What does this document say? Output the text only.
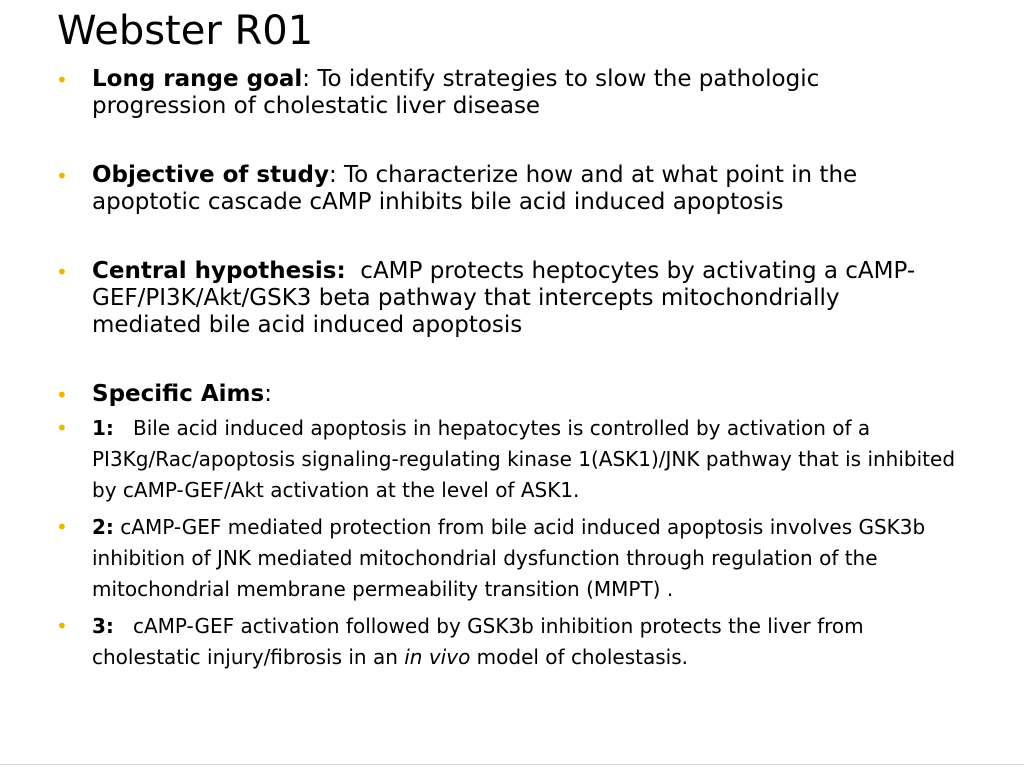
Webster R01
• Long range goal: To identify strategies to slow the pathologic progression of cholestatic liver disease
• Objective of study: To characterize how and at what point in the apoptotic cascade cAMP inhibits bile acid induced apoptosis
• Central hypothesis: cAMP protects heptocytes by activating a cAMP-GEF/PI3K/Akt/GSK3 beta pathway that intercepts mitochondrially mediated bile acid induced apoptosis
• Specific Aims:
• 1: Bile acid induced apoptosis in hepatocytes is controlled by activation of a PI3Kg/Rac/apoptosis signaling-regulating kinase 1(ASK1)/JNK pathway that is inhibited by cAMP-GEF/Akt activation at the level of ASK1.
• 2: cAMP-GEF mediated protection from bile acid induced apoptosis involves GSK3b inhibition of JNK mediated mitochondrial dysfunction through regulation of the mitochondrial membrane permeability transition (MMPT) .
• 3: cAMP-GEF activation followed by GSK3b inhibition protects the liver from cholestatic injury/fibrosis in an in vivo model of cholestasis.
